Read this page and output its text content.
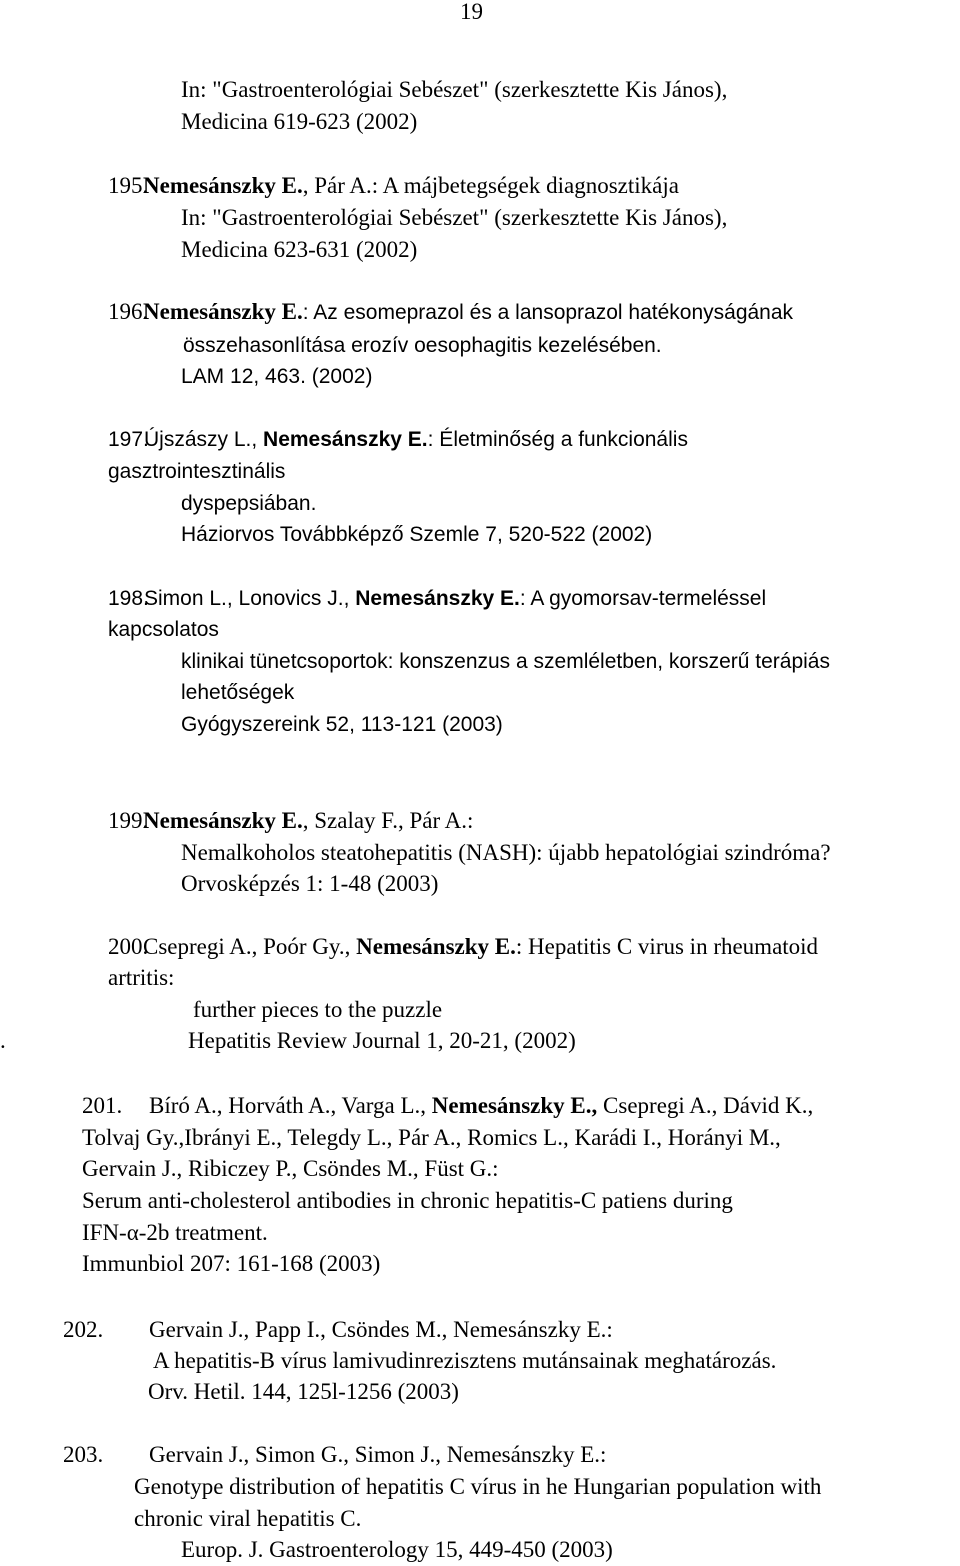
19
In: "Gastroenterológiai Sebészet" (szerkesztette Kis János),
Medicina 619-623 (2002)
195.
Nemesánszky E., Pár A.: A májbetegségek diagnosztikája
In: "Gastroenterológiai Sebészet" (szerkesztette Kis János),
Medicina 623-631 (2002)
196.
Nemesánszky E.: Az esomeprazol és a lansoprazol hatékonyságának
összehasonlítása erozív oesophagitis kezelésében.
LAM 12, 463. (2002)
197.
Újszászy L., Nemesánszky E.: Életminőség a funkcionális
gasztrointesztinális
dyspepsiában.
Háziorvos Továbbképző Szemle 7, 520-522 (2002)
198.
Simon L., Lonovics J., Nemesánszky E.: A gyomorsav-termeléssel
kapcsolatos
klinikai tünetcsoportok: konszenzus a szemléletben, korszerű terápiás
lehetőségek
Gyógyszereink 52, 113-121 (2003)
199.
Nemesánszky E., Szalay F., Pár A.:
Nemalkoholos steatohepatitis (NASH): újabb hepatológiai szindróma?
Orvosképzés 1: 1-48 (2003)
200.
Csepregi A., Poór Gy., Nemesánszky E.: Hepatitis C virus in rheumatoid
artritis:
further pieces to the puzzle
.	Hepatitis Review Journal 1, 20-21, (2002)
201. Bíró A., Horváth A., Varga L., Nemesánszky E., Csepregi A., Dávid K.,
Tolvaj Gy.,Ibrányi E., Telegdy L., Pár A., Romics L., Karádi I., Horányi M.,
Gervain J., Ribiczey P., Csöndes M., Füst G.:
Serum anti-cholesterol antibodies in chronic hepatitis-C patiens during
IFN-α-2b treatment.
Immunbiol 207: 161-168 (2003)
202. Gervain J., Papp I., Csöndes M., Nemesánszky E.:
A hepatitis-B vírus lamivudinrezisztens mutánsainak meghatározás.
Orv. Hetil. 144, 125l-1256 (2003)
203. Gervain J., Simon G., Simon J., Nemesánszky E.:
Genotype distribution of hepatitis C vírus in he Hungarian population with
chronic viral hepatitis C.
Europ. J. Gastroenterology 15, 449-450 (2003)
